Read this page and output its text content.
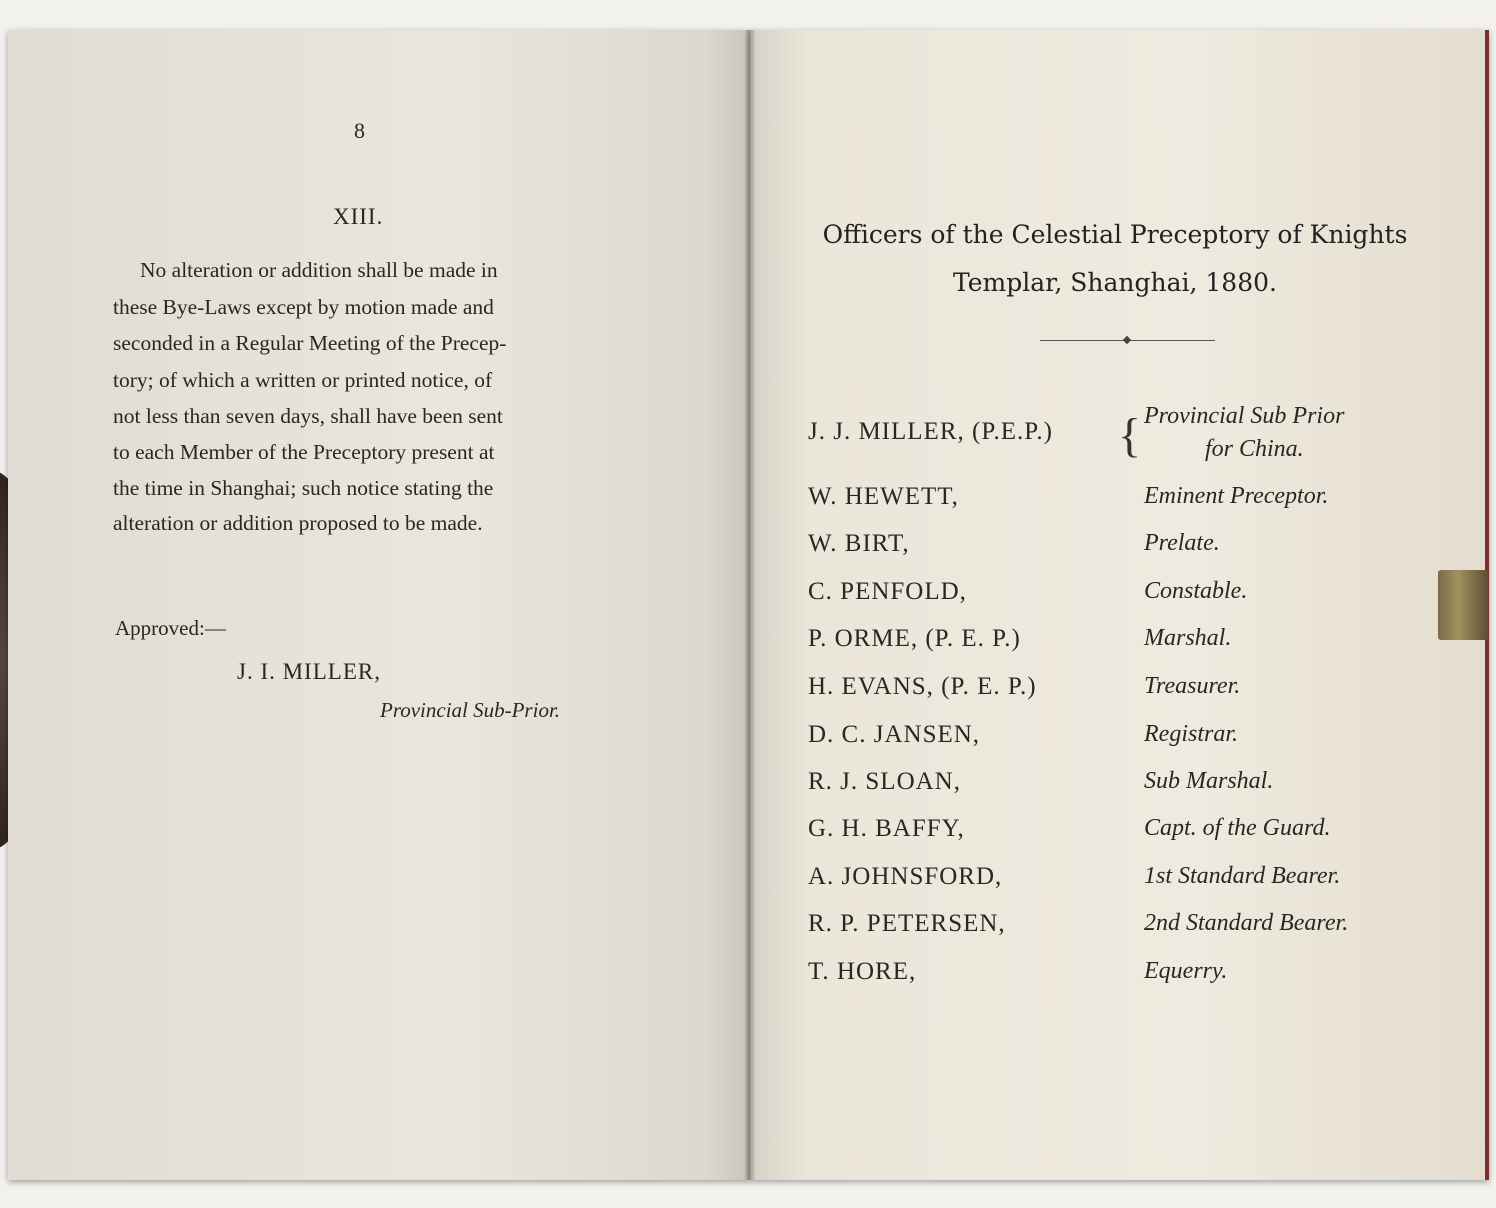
8
XIII.
No alteration or addition shall be made in
these Bye-Laws except by motion made and
seconded in a Regular Meeting of the Precep-
tory; of which a written or printed notice, of
not less than seven days, shall have been sent
to each Member of the Preceptory present at
the time in Shanghai; such notice stating the
alteration or addition proposed to be made.
Approved:—
J. I. MILLER,
Provincial Sub-Prior.
Officers of the Celestial Preceptory of Knights
Templar, Shanghai, 1880.
J. J. MILLER, (P.E.P.) { Provincial Sub Prior
for China.
W. HEWETT,	Eminent Preceptor.
W. BIRT,	Prelate.
C. PENFOLD,	Constable.
P. ORME, (P. E. P.)	Marshal.
H. EVANS, (P. E. P.)	Treasurer.
D. C. JANSEN,	Registrar.
R. J. SLOAN,	Sub Marshal.
G. H. BAFFY,	Capt. of the Guard.
A. JOHNSFORD,	1st Standard Bearer.
R. P. PETERSEN,	2nd Standard Bearer.
T. HORE,	Equerry.
